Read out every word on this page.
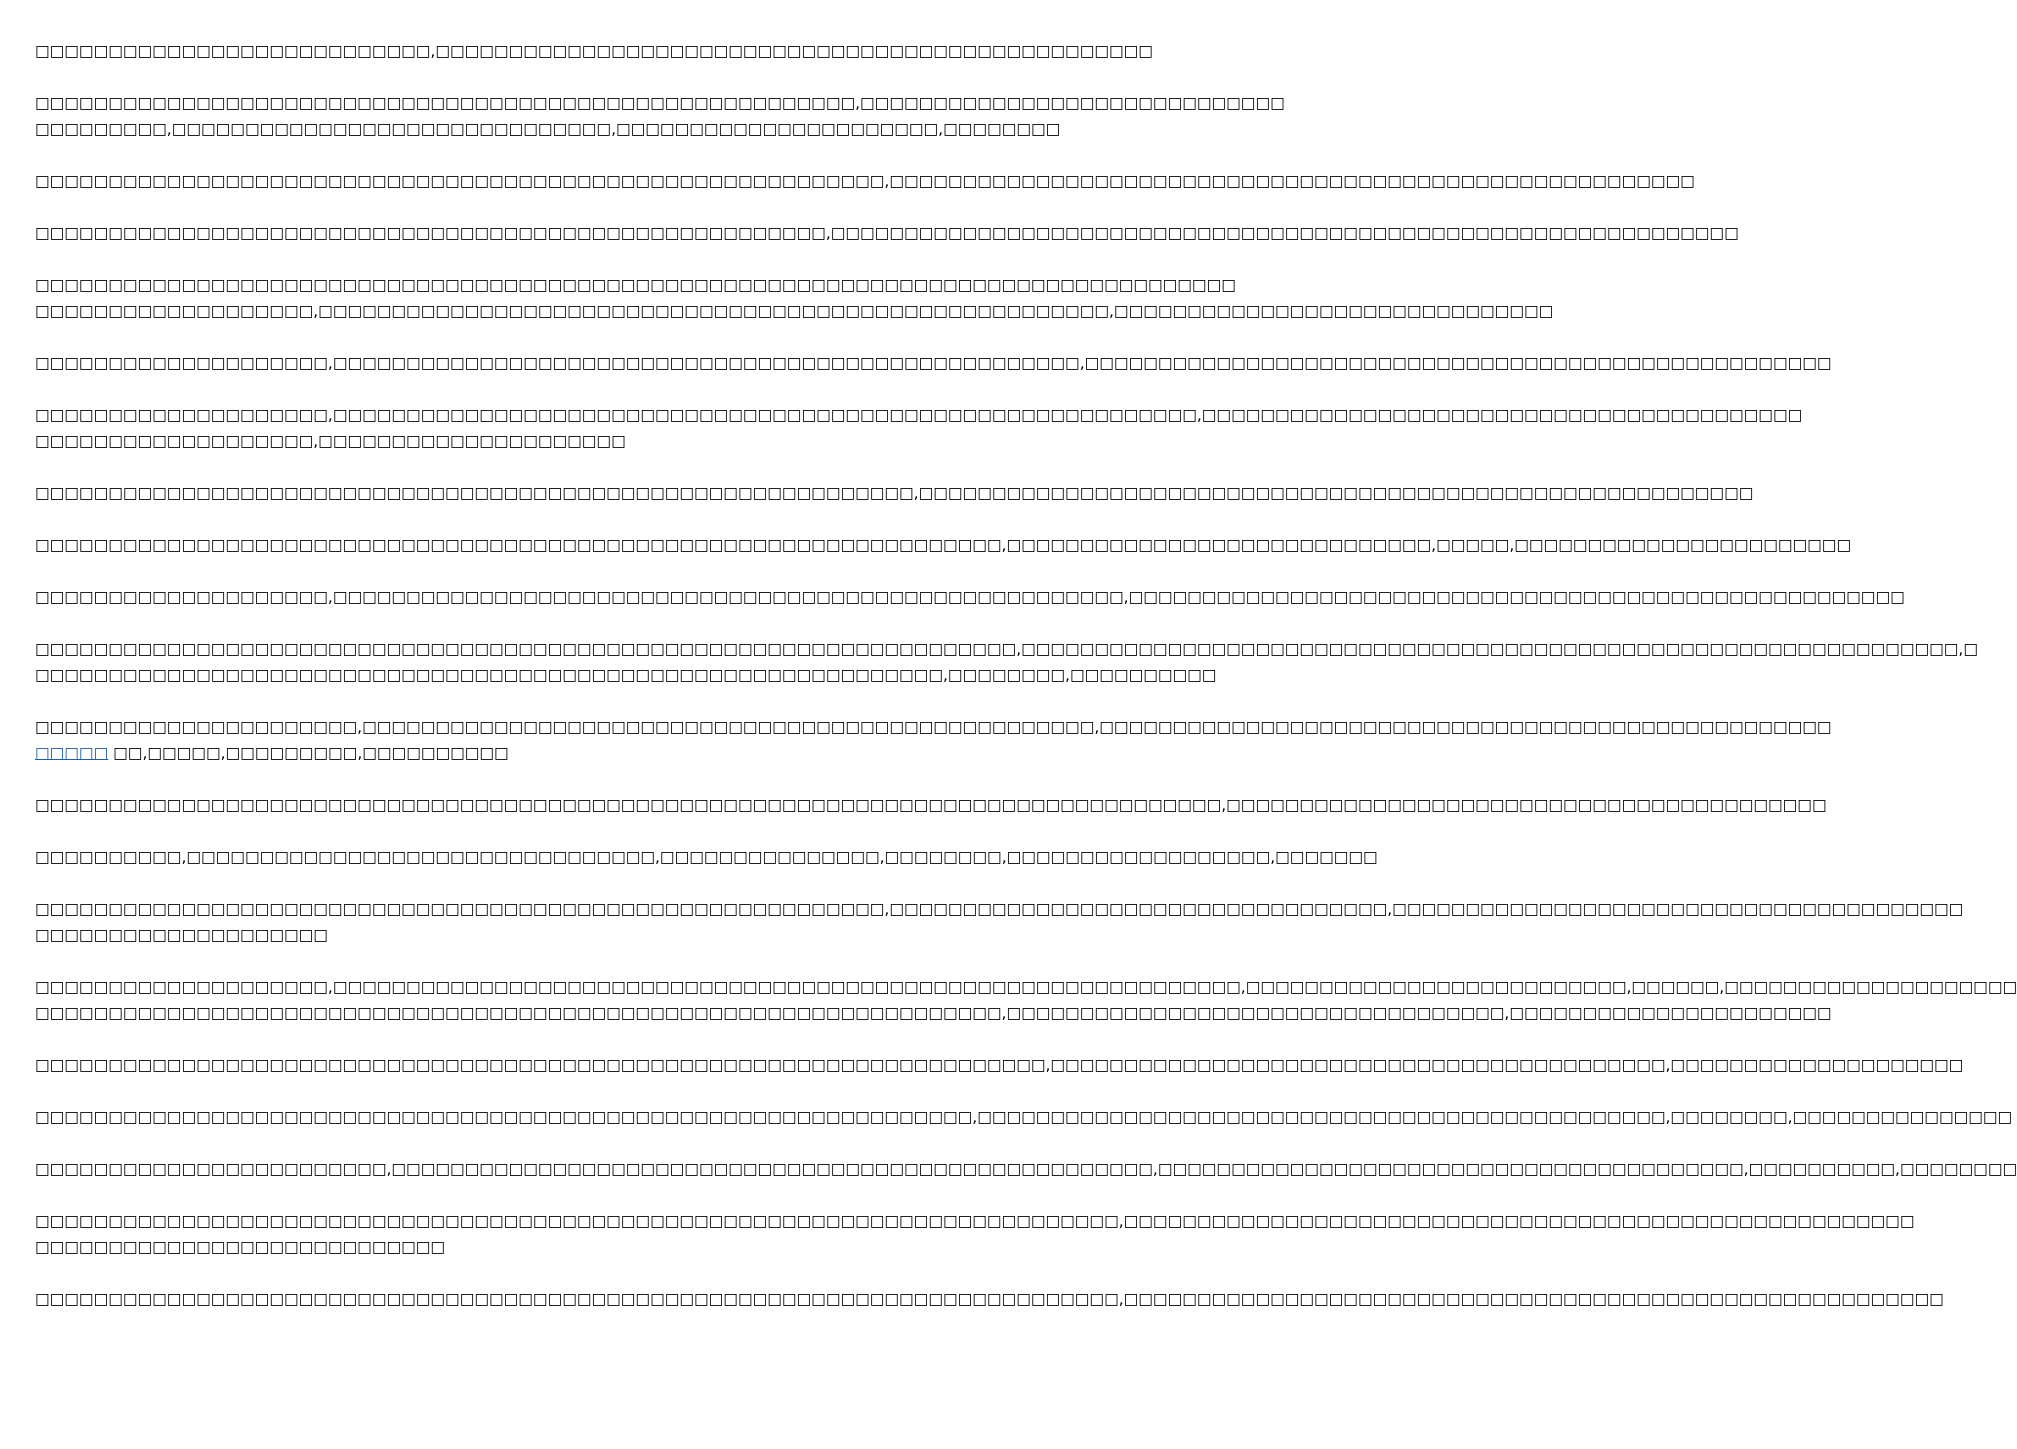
□□□□□□□□□□□□□□□□□□□□□□□□□□□,□□□□□□□□□□□□□□□□□□□□□□□□□□□□□□□□□□□□□□□□□□□□□□□□□

□□□□□□□□□□□□□□□□□□□□□□□□□□□□□□□□□□□□□□□□□□□□□□□□□□□□□□□□,□□□□□□□□□□□□□□□□□□□□□□□□□□□□□
□□□□□□□□□,□□□□□□□□□□□□□□□□□□□□□□□□□□□□□□,□□□□□□□□□□□□□□□□□□□□□□,□□□□□□□□

□□□□□□□□□□□□□□□□□□□□□□□□□□□□□□□□□□□□□□□□□□□□□□□□□□□□□□□□□□,□□□□□□□□□□□□□□□□□□□□□□□□□□□□□□□□□□□□□□□□□□□□□□□□□□□□□□□

□□□□□□□□□□□□□□□□□□□□□□□□□□□□□□□□□□□□□□□□□□□□□□□□□□□□□□,□□□□□□□□□□□□□□□□□□□□□□□□□□□□□□□□□□□□□□□□□□□□□□□□□□□□□□□□□□□□□□

□□□□□□□□□□□□□□□□□□□□□□□□□□□□□□□□□□□□□□□□□□□□□□□□□□□□□□□□□□□□□□□□□□□□□□□□□□□□□□□□□□
□□□□□□□□□□□□□□□□□□□,□□□□□□□□□□□□□□□□□□□□□□□□□□□□□□□□□□□□□□□□□□□□□□□□□□□□□□,□□□□□□□□□□□□□□□□□□□□□□□□□□□□□□

□□□□□□□□□□□□□□□□□□□□,□□□□□□□□□□□□□□□□□□□□□□□□□□□□□□□□□□□□□□□□□□□□□□□□□□□,□□□□□□□□□□□□□□□□□□□□□□□□□□□□□□□□□□□□□□□□□□□□□□□□□□□

□□□□□□□□□□□□□□□□□□□□,□□□□□□□□□□□□□□□□□□□□□□□□□□□□□□□□□□□□□□□□□□□□□□□□□□□□□□□□□□□,□□□□□□□□□□□□□□□□□□□□□□□□□□□□□□□□□□□□□□□□□
□□□□□□□□□□□□□□□□□□□,□□□□□□□□□□□□□□□□□□□□□

□□□□□□□□□□□□□□□□□□□□□□□□□□□□□□□□□□□□□□□□□□□□□□□□□□□□□□□□□□□□,□□□□□□□□□□□□□□□□□□□□□□□□□□□□□□□□□□□□□□□□□□□□□□□□□□□□□□□□□

□□□□□□□□□□□□□□□□□□□□□□□□□□□□□□□□□□□□□□□□□□□□□□□□□□□□□□□□□□□□□□□□□□,□□□□□□□□□□□□□□□□□□□□□□□□□□□□□,□□□□□,□□□□□□□□□□□□□□□□□□□□□□□

□□□□□□□□□□□□□□□□□□□□,□□□□□□□□□□□□□□□□□□□□□□□□□□□□□□□□□□□□□□□□□□□□□□□□□□□□□□,□□□□□□□□□□□□□□□□□□□□□□□□□□□□□□□□□□□□□□□□□□□□□□□□□□□□□

□□□□□□□□□□□□□□□□□□□□□□□□□□□□□□□□□□□□□□□□□□□□□□□□□□□□□□□□□□□□□□□□□□□,□□□□□□□□□□□□□□□□□□□□□□□□□□□□□□□□□□□□□□□□□□□□□□□□□□□□□□□□□□□□□□□□,□
□□□□□□□□□□□□□□□□□□□□□□□□□□□□□□□□□□□□□□□□□□□□□□□□□□□□□□□□□□□□□□,□□□□□□□□,□□□□□□□□□□

□□□□□□□□□□□□□□□□□□□□□□,□□□□□□□□□□□□□□□□□□□□□□□□□□□□□□□□□□□□□□□□□□□□□□□□□□,□□□□□□□□□□□□□□□□□□□□□□□□□□□□□□□□□□□□□□□□□□□□□□□□□□
□□□□□ □□,□□□□□,□□□□□□□□□,□□□□□□□□□□

□□□□□□□□□□□□□□□□□□□□□□□□□□□□□□□□□□□□□□□□□□□□□□□□□□□□□□□□□□□□□□□□□□□□□□□□□□□□□□□□□,□□□□□□□□□□□□□□□□□□□□□□□□□□□□□□□□□□□□□□□□□

□□□□□□□□□□,□□□□□□□□□□□□□□□□□□□□□□□□□□□□□□□□,□□□□□□□□□□□□□□□,□□□□□□□□,□□□□□□□□□□□□□□□□□□,□□□□□□□

□□□□□□□□□□□□□□□□□□□□□□□□□□□□□□□□□□□□□□□□□□□□□□□□□□□□□□□□□□,□□□□□□□□□□□□□□□□□□□□□□□□□□□□□□□□□□,□□□□□□□□□□□□□□□□□□□□□□□□□□□□□□□□□□□□□□□
□□□□□□□□□□□□□□□□□□□□

□□□□□□□□□□□□□□□□□□□□,□□□□□□□□□□□□□□□□□□□□□□□□□□□□□□□□□□□□□□□□□□□□□□□□□□□□□□□□□□□□□□,□□□□□□□□□□□□□□□□□□□□□□□□□□,□□□□□□,□□□□□□□□□□□□□□□□□□□□
□□□□□□□□□□□□□□□□□□□□□□□□□□□□□□□□□□□□□□□□□□□□□□□□□□□□□□□□□□□□□□□□□□,□□□□□□□□□□□□□□□□□□□□□□□□□□□□□□□□□□,□□□□□□□□□□□□□□□□□□□□□□

□□□□□□□□□□□□□□□□□□□□□□□□□□□□□□□□□□□□□□□□□□□□□□□□□□□□□□□□□□□□□□□□□□□□□,□□□□□□□□□□□□□□□□□□□□□□□□□□□□□□□□□□□□□□□□□□,□□□□□□□□□□□□□□□□□□□□

□□□□□□□□□□□□□□□□□□□□□□□□□□□□□□□□□□□□□□□□□□□□□□□□□□□□□□□□□□□□□□□□,□□□□□□□□□□□□□□□□□□□□□□□□□□□□□□□□□□□□□□□□□□□□□□□,□□□□□□□□,□□□□□□□□□□□□□□□

□□□□□□□□□□□□□□□□□□□□□□□□,□□□□□□□□□□□□□□□□□□□□□□□□□□□□□□□□□□□□□□□□□□□□□□□□□□□□,□□□□□□□□□□□□□□□□□□□□□□□□□□□□□□□□□□□□□□□□,□□□□□□□□□□,□□□□□□□□

□□□□□□□□□□□□□□□□□□□□□□□□□□□□□□□□□□□□□□□□□□□□□□□□□□□□□□□□□□□□□□□□□□□□□□□□□□,□□□□□□□□□□□□□□□□□□□□□□□□□□□□□□□□□□□□□□□□□□□□□□□□□□□□□□
□□□□□□□□□□□□□□□□□□□□□□□□□□□□

□□□□□□□□□□□□□□□□□□□□□□□□□□□□□□□□□□□□□□□□□□□□□□□□□□□□□□□□□□□□□□□□□□□□□□□□□□,□□□□□□□□□□□□□□□□□□□□□□□□□□□□□□□□□□□□□□□□□□□□□□□□□□□□□□□□
